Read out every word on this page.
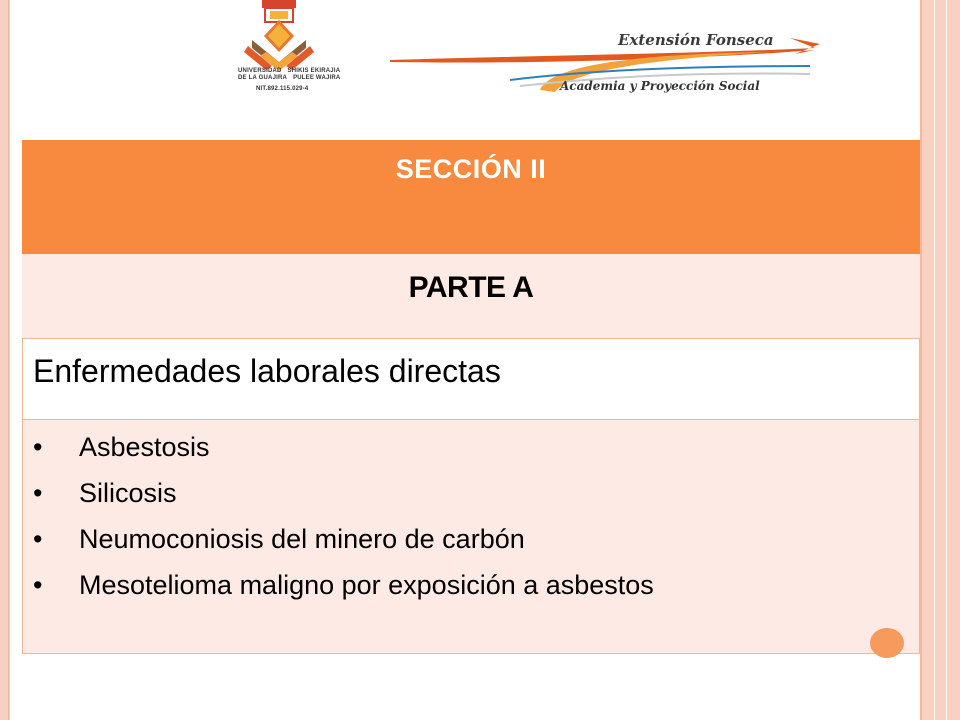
UNIVERSIDAD SHIKIS EKIRAJIA
DE LA GUAJIRA PULEE WAJIRA
NIT.892.115.029-4
Extensión Fonseca
Academia y Proyección Social
SECCIÓN II
PARTE A
Enfermedades laborales directas
• Asbestosis
• Silicosis
• Neumoconiosis del minero de carbón
• Mesotelioma maligno por exposición a asbestos
